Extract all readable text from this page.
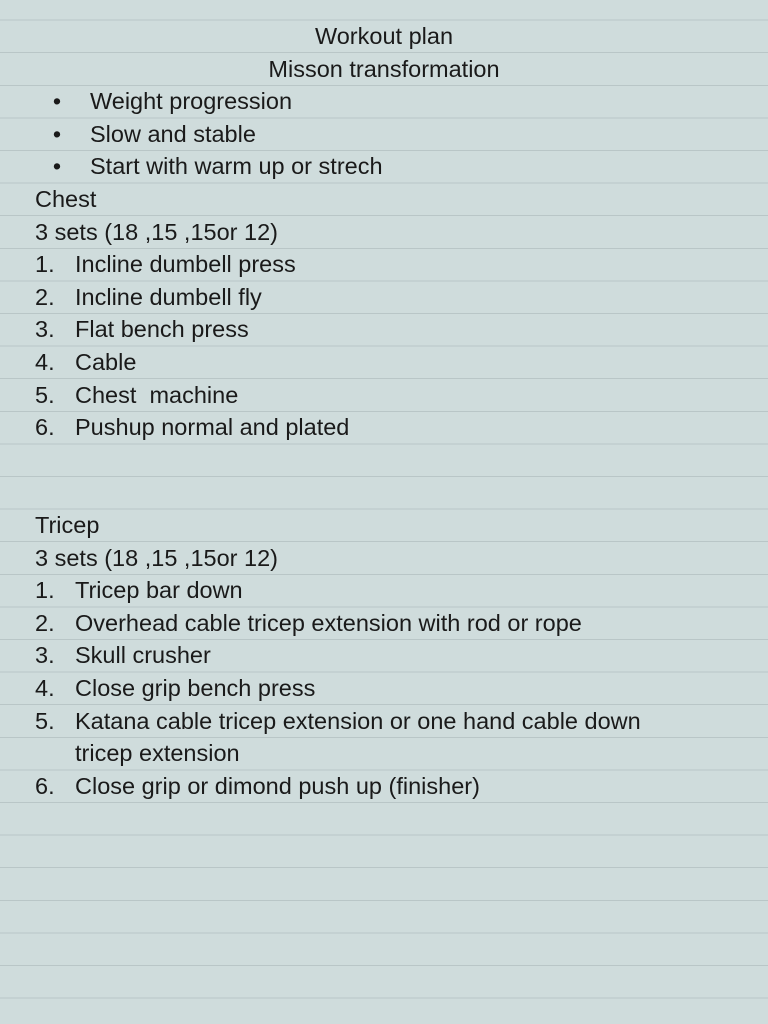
Workout plan
Misson transformation
• Weight progression
• Slow and stable
• Start with warm up or strech
Chest
3 sets (18 ,15 ,15or 12)
1. Incline dumbell press
2. Incline dumbell fly
3. Flat bench press
4. Cable
5. Chest  machine
6. Pushup normal and plated
Tricep
3 sets (18 ,15 ,15or 12)
1. Tricep bar down
2. Overhead cable tricep extension with rod or rope
3. Skull crusher
4. Close grip bench press
5. Katana cable tricep extension or one hand cable down
tricep extension
6. Close grip or dimond push up (finisher)
